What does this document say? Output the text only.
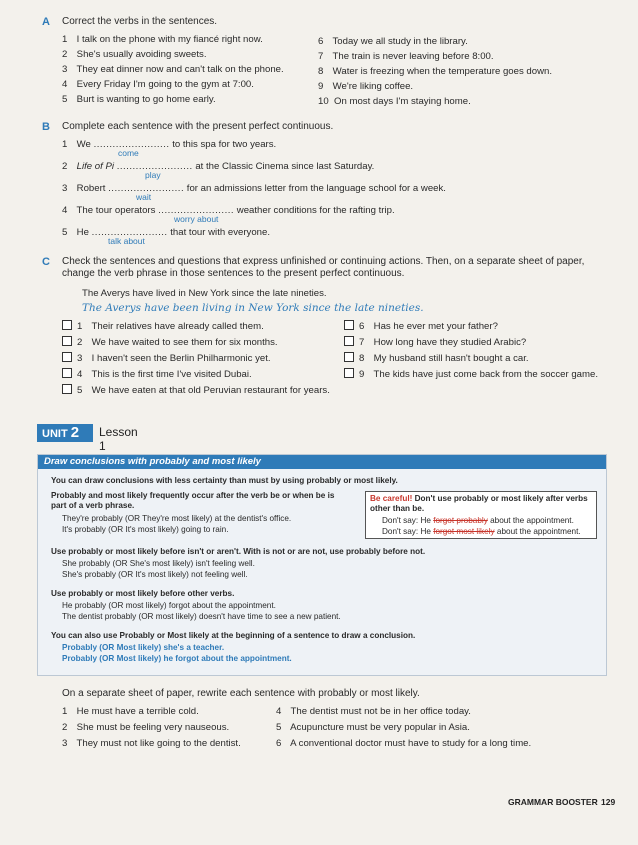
A Correct the verbs in the sentences.
1 I talk on the phone with my fiancé right now.
2 She's usually avoiding sweets.
3 They eat dinner now and can't talk on the phone.
4 Every Friday I'm going to the gym at 7:00.
5 Burt is wanting to go home early.
6 Today we all study in the library.
7 The train is never leaving before 8:00.
8 Water is freezing when the temperature goes down.
9 We're liking coffee.
10 On most days I'm staying home.
B Complete each sentence with the present perfect continuous.
1 We ........................ to this spa for two years.
come
2 Life of Pi ........................ at the Classic Cinema since last Saturday.
play
3 Robert ........................ for an admissions letter from the language school for a week.
wait
4 The tour operators ........................ weather conditions for the rafting trip.
worry about
5 He ........................ that tour with everyone.
talk about
C Check the sentences and questions that express unfinished or continuing actions. Then, on a separate sheet of paper,
change the verb phrase in those sentences to the present perfect continuous.
The Averys have lived in New York since the late nineties.
The Averys have been living in New York since the late nineties.
1 Their relatives have already called them.
2 We have waited to see them for six months.
3 I haven't seen the Berlin Philharmonic yet.
4 This is the first time I've visited Dubai.
5 We have eaten at that old Peruvian restaurant for years.
6 Has he ever met your father?
7 How long have they studied Arabic?
8 My husband still hasn't bought a car.
9 The kids have just come back from the soccer game.
UNIT 2	Lesson 1
Draw conclusions with probably and most likely
You can draw conclusions with less certainty than must by using probably or most likely.
Probably and most likely frequently occur after the verb be or when be is
part of a verb phrase.
They're probably (OR They're most likely) at the dentist's office.
It's probably (OR It's most likely) going to rain.
Be careful! Don't use probably or most likely after verbs
other than be.
Don't say: He forgot probably about the appointment.
Don't say: He forgot most likely about the appointment.
Use probably or most likely before isn't or aren't. With is not or are not, use probably before not.
She probably (OR She's most likely) isn't feeling well.
She's probably (OR It's most likely) not feeling well.
Use probably or most likely before other verbs.
He probably (OR most likely) forgot about the appointment.
The dentist probably (OR most likely) doesn't have time to see a new patient.
You can also use Probably or Most likely at the beginning of a sentence to draw a conclusion.
Probably (OR Most likely) she's a teacher.
Probably (OR Most likely) he forgot about the appointment.
On a separate sheet of paper, rewrite each sentence with probably or most likely.
1 He must have a terrible cold.
2 She must be feeling very nauseous.
3 They must not like going to the dentist.
4 The dentist must not be in her office today.
5 Acupuncture must be very popular in Asia.
6 A conventional doctor must have to study for a long time.
GRAMMAR BOOSTER 129
